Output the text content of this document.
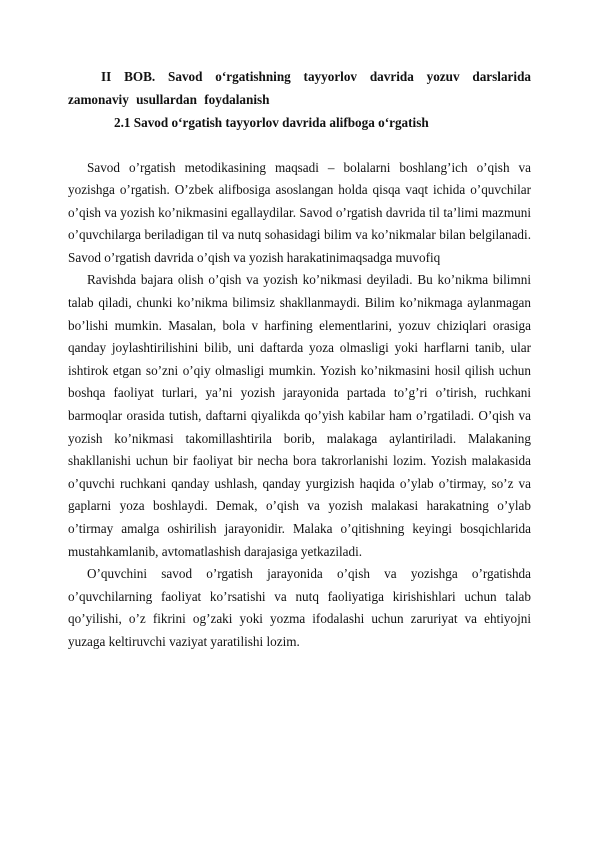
II BOB. Savod o‘rgatishning tayyorlov davrida yozuv darslarida zamonaviy usullardan foydalanish

2.1 Savod o‘rgatish tayyorlov davrida alifboga o‘rgatish

Savod o’rgatish metodikasining maqsadi – bolalarni boshlang’ich o’qish va yozishga o’rgatish. O’zbek alifbosiga asoslangan holda qisqa vaqt ichida o’quvchilar o’qish va yozish ko’nikmasini egallaydilar. Savod o’rgatish davrida til ta’limi mazmuni o’quvchilarga beriladigan til va nutq sohasidagi bilim va ko’nikmalar bilan belgilanadi. Savod o’rgatish davrida o’qish va yozish harakatinimaqsadga muvofiq

Ravishda bajara olish o’qish va yozish ko’nikmasi deyiladi. Bu ko’nikma bilimni talab qiladi, chunki ko’nikma bilimsiz shakllanmaydi. Bilim ko’nikmaga aylanmagan bo’lishi mumkin. Masalan, bola v harfining elementlarini, yozuv chiziqlari orasiga qanday joylashtirilishini bilib, uni daftarda yoza olmasligi yoki harflarni tanib, ular ishtirok etgan so’zni o’qiy olmasligi mumkin. Yozish ko’nikmasini hosil qilish uchun boshqa faoliyat turlari, ya’ni yozish jarayonida partada to’g’ri o’tirish, ruchkani barmoqlar orasida tutish, daftarni qiyalikda qo’yish kabilar ham o’rgatiladi. O’qish va yozish ko’nikmasi takomillashtirila borib, malakaga aylantiriladi. Malakaning shakllanishi uchun bir faoliyat bir necha bora takrorlanishi lozim. Yozish malakasida o’quvchi ruchkani qanday ushlash, qanday yurgizish haqida o’ylab o’tirmay, so’z va gaplarni yoza boshlaydi. Demak, o’qish va yozish malakasi harakatning o’ylab o’tirmay amalga oshirilish jarayonidir. Malaka o’qitishning keyingi bosqichlarida mustahkamlanib, avtomatlashish darajasiga yetkaziladi.

O’quvchini savod o’rgatish jarayonida o’qish va yozishga o’rgatishda o’quvchilarning faoliyat ko’rsatishi va nutq faoliyatiga kirishishlari uchun talab qo’yilishi, o’z fikrini og’zaki yoki yozma ifodalashi uchun zaruriyat va ehtiyojni yuzaga keltiruvchi vaziyat yaratilishi lozim.
